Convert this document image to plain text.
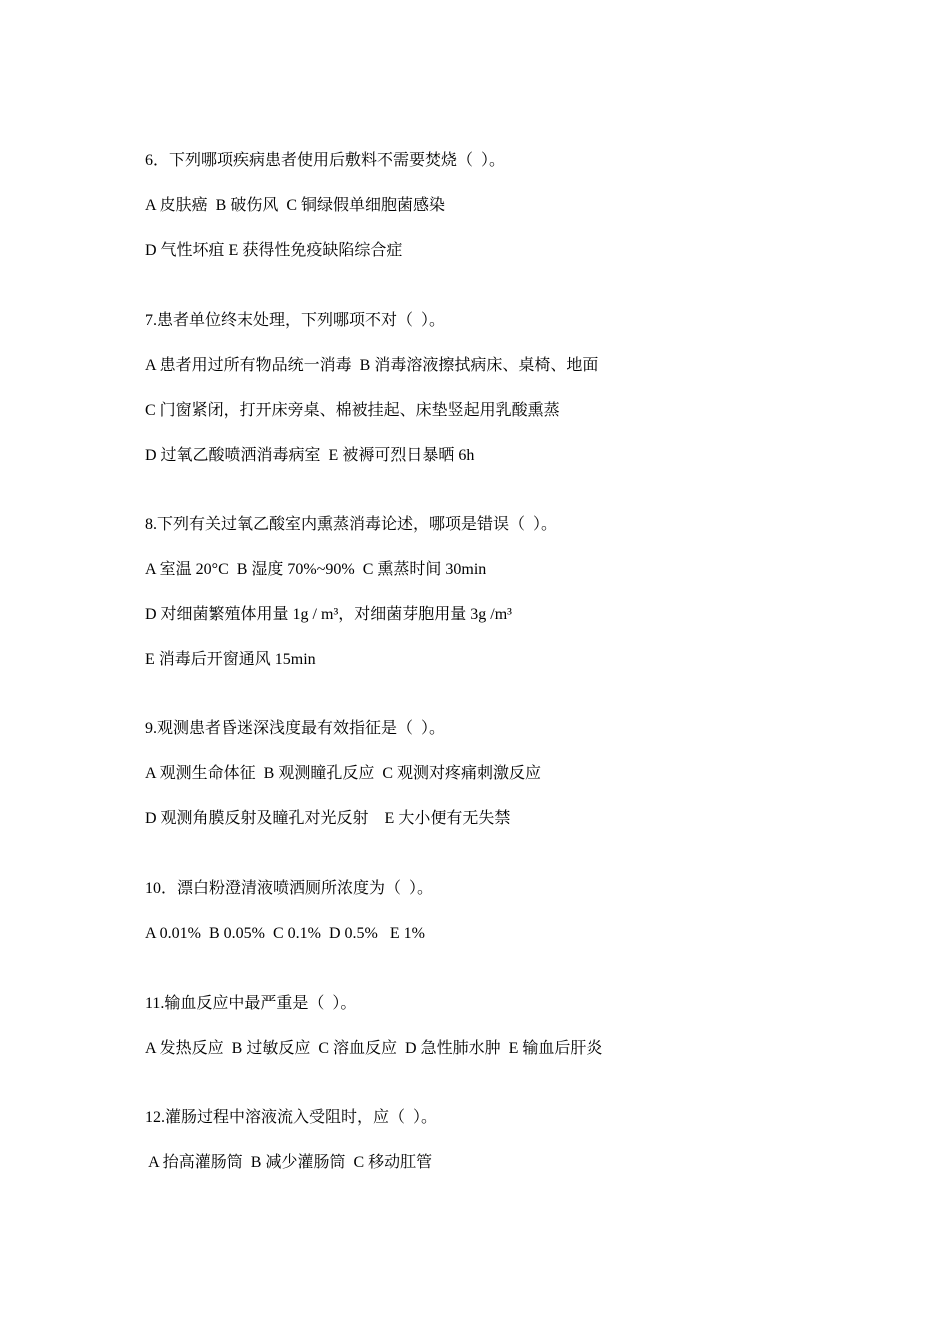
6．下列哪项疾病患者使用后敷料不需要焚烧（  ）。
A 皮肤癌  B 破伤风  C 铜绿假单细胞菌感染
D 气性坏疽 E 获得性免疫缺陷综合症
7.患者单位终末处理，下列哪项不对（  ）。
A 患者用过所有物品统一消毒  B 消毒溶液擦拭病床、桌椅、地面
C 门窗紧闭，打开床旁桌、棉被挂起、床垫竖起用乳酸熏蒸
D 过氧乙酸喷洒消毒病室  E 被褥可烈日暴晒 6h
8.下列有关过氧乙酸室内熏蒸消毒论述，哪项是错误（  ）。
A 室温 20°C  B 湿度 70%~90%  C 熏蒸时间 30min
D 对细菌繁殖体用量 1g / m³，对细菌芽胞用量 3g /m³
E 消毒后开窗通风 15min
9.观测患者昏迷深浅度最有效指征是（  ）。
A 观测生命体征  B 观测瞳孔反应  C 观测对疼痛刺激反应
D 观测角膜反射及瞳孔对光反射    E 大小便有无失禁
10．漂白粉澄清液喷洒厕所浓度为（  ）。
A 0.01%  B 0.05%  C 0.1%  D 0.5%   E 1%
11.输血反应中最严重是（  ）。
A 发热反应  B 过敏反应  C 溶血反应  D 急性肺水肿  E 输血后肝炎
12.灌肠过程中溶液流入受阻时，应（  ）。
A 抬高灌肠筒  B 减少灌肠筒  C 移动肛管
